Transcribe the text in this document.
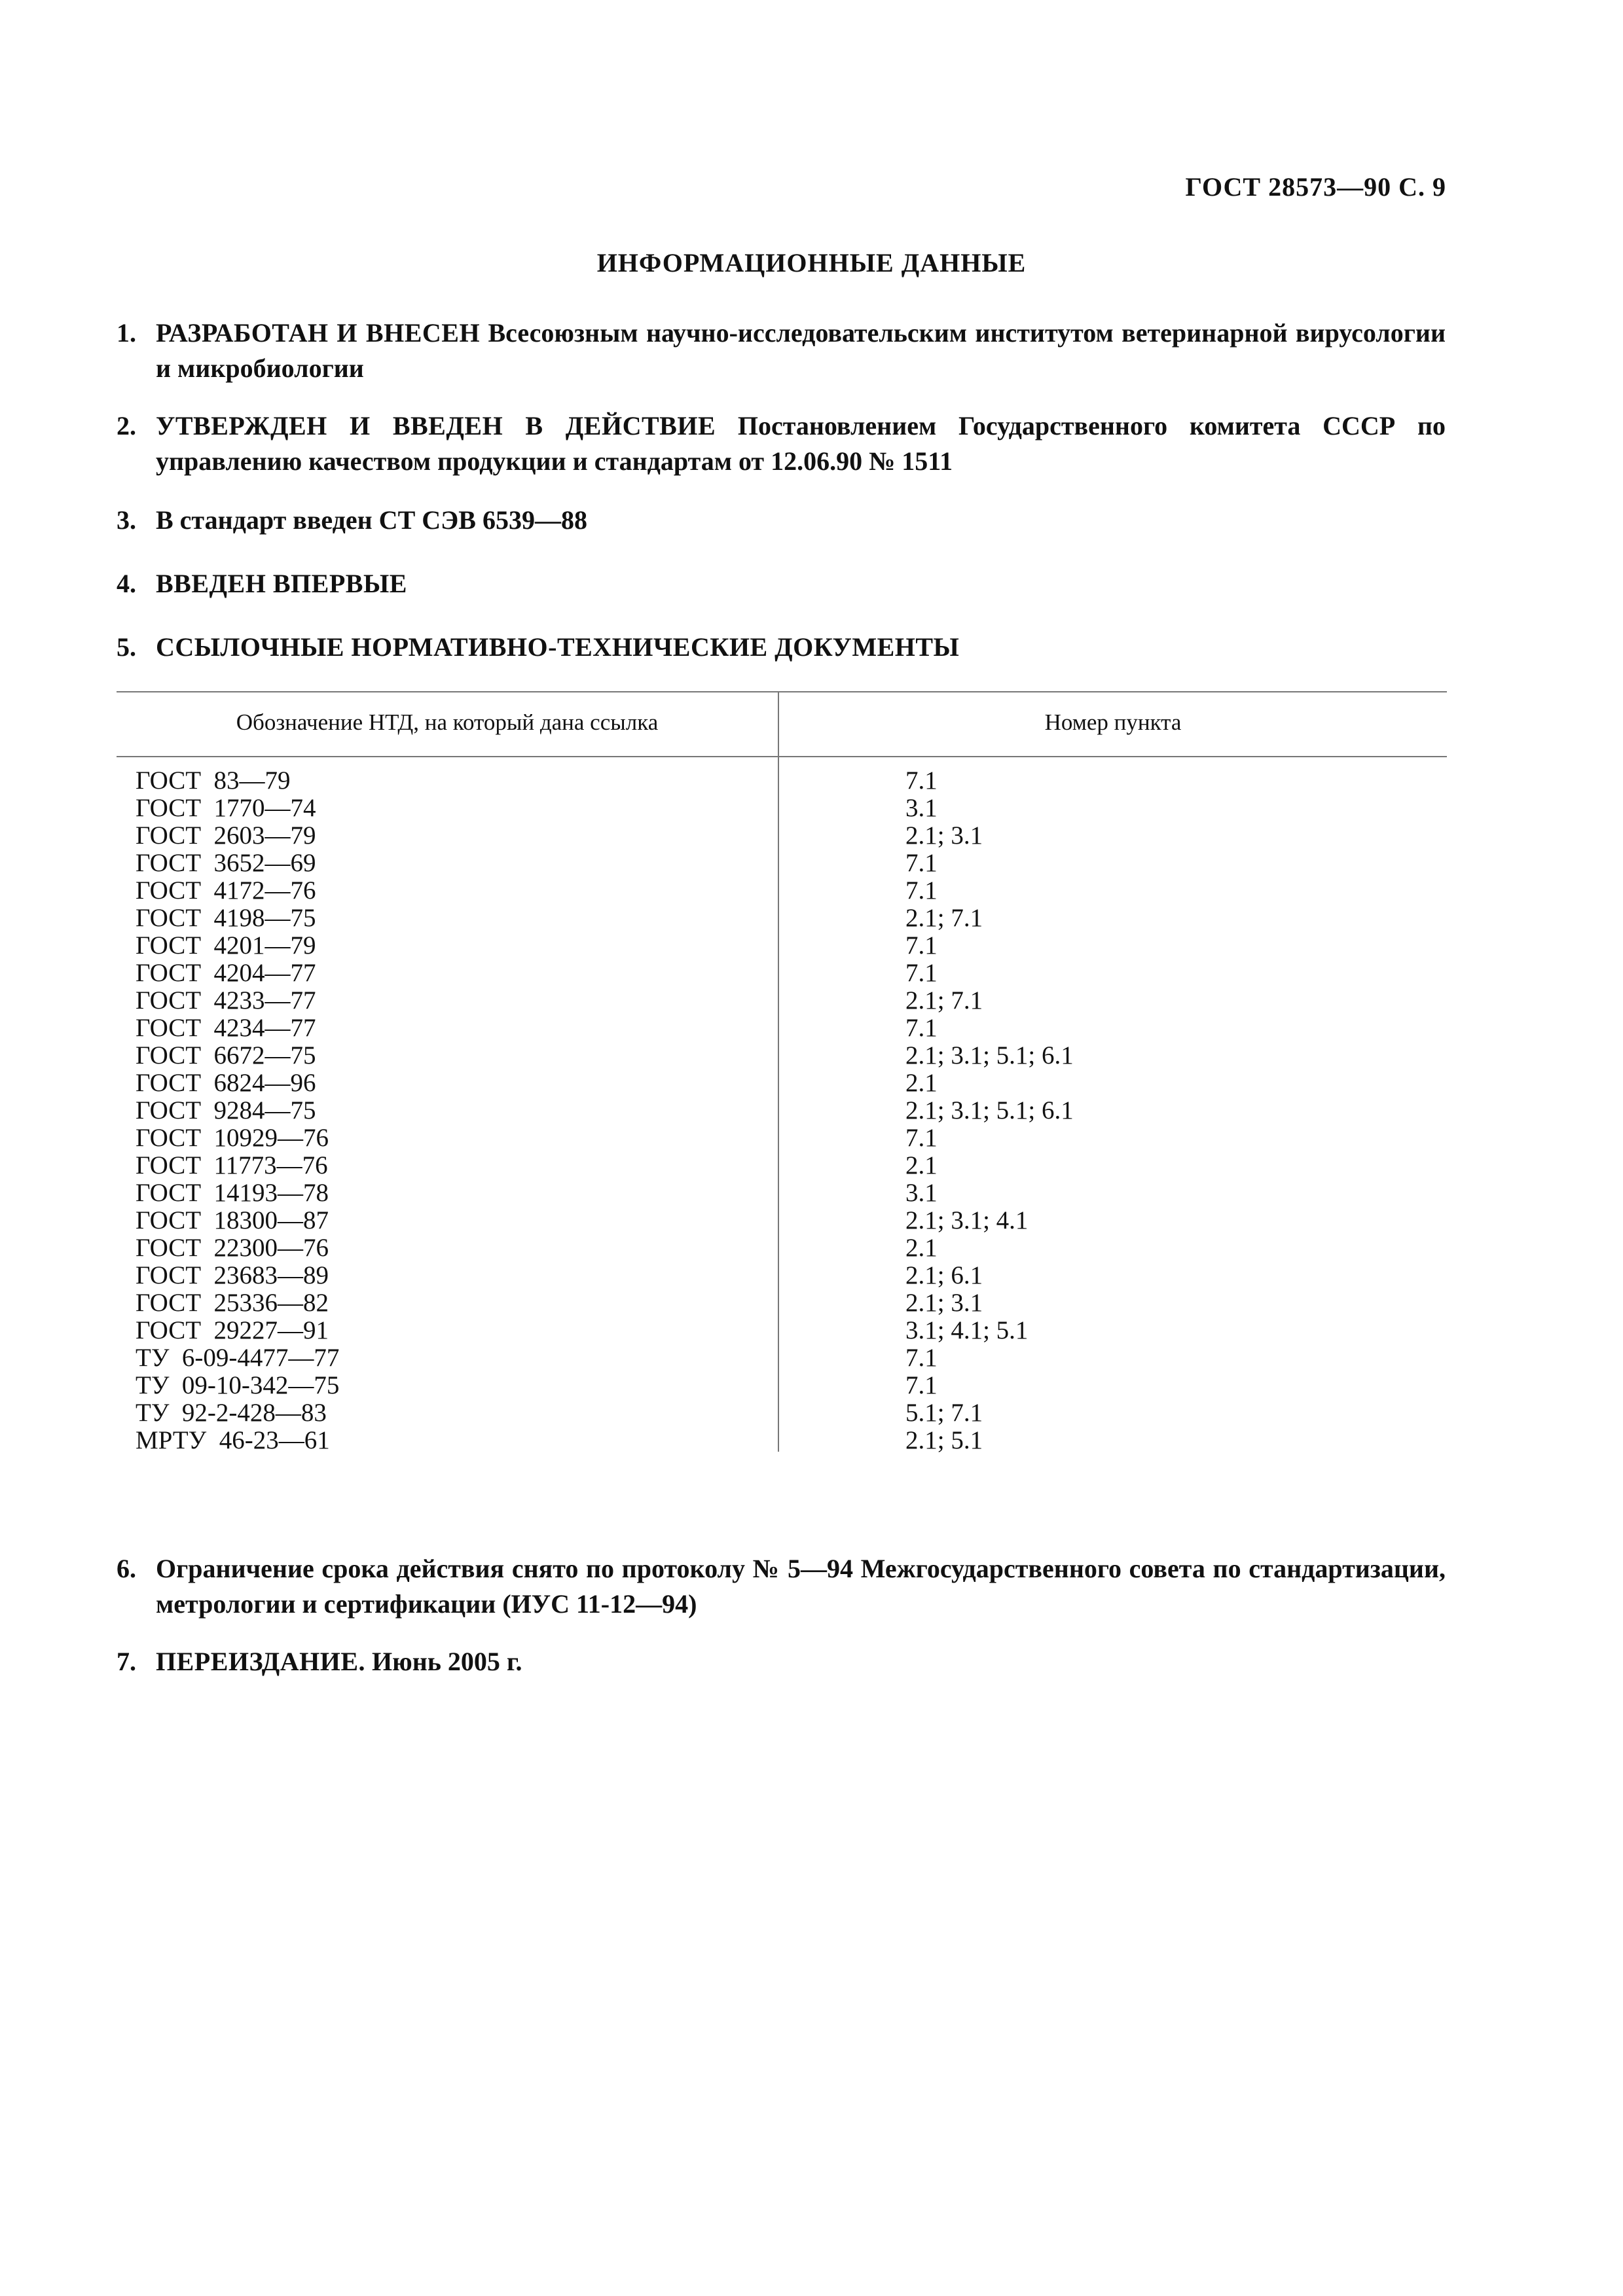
ГОСТ 28573—90 С. 9
ИНФОРМАЦИОННЫЕ ДАННЫЕ
1. РАЗРАБОТАН И ВНЕСЕН Всесоюзным научно-исследовательским институтом ветеринарной вирусологии и микробиологии
2. УТВЕРЖДЕН И ВВЕДЕН В ДЕЙСТВИЕ Постановлением Государственного комитета СССР по управлению качеством продукции и стандартам от 12.06.90 № 1511
3. В стандарт введен СТ СЭВ 6539—88
4. ВВЕДЕН ВПЕРВЫЕ
5. ССЫЛОЧНЫЕ НОРМАТИВНО-ТЕХНИЧЕСКИЕ ДОКУМЕНТЫ
Обозначение НТД, на который дана ссылка	Номер пункта
ГОСТ  83—79	7.1
ГОСТ  1770—74	3.1
ГОСТ  2603—79	2.1; 3.1
ГОСТ  3652—69	7.1
ГОСТ  4172—76	7.1
ГОСТ  4198—75	2.1; 7.1
ГОСТ  4201—79	7.1
ГОСТ  4204—77	7.1
ГОСТ  4233—77	2.1; 7.1
ГОСТ  4234—77	7.1
ГОСТ  6672—75	2.1; 3.1; 5.1; 6.1
ГОСТ  6824—96	2.1
ГОСТ  9284—75	2.1; 3.1; 5.1; 6.1
ГОСТ  10929—76	7.1
ГОСТ  11773—76	2.1
ГОСТ  14193—78	3.1
ГОСТ  18300—87	2.1; 3.1; 4.1
ГОСТ  22300—76	2.1
ГОСТ  23683—89	2.1; 6.1
ГОСТ  25336—82	2.1; 3.1
ГОСТ  29227—91	3.1; 4.1; 5.1
ТУ  6-09-4477—77	7.1
ТУ  09-10-342—75	7.1
ТУ  92-2-428—83	5.1; 7.1
МРТУ  46-23—61	2.1; 5.1
6. Ограничение срока действия снято по протоколу № 5—94 Межгосударственного совета по стандартизации, метрологии и сертификации (ИУС 11-12—94)
7. ПЕРЕИЗДАНИЕ. Июнь 2005 г.
